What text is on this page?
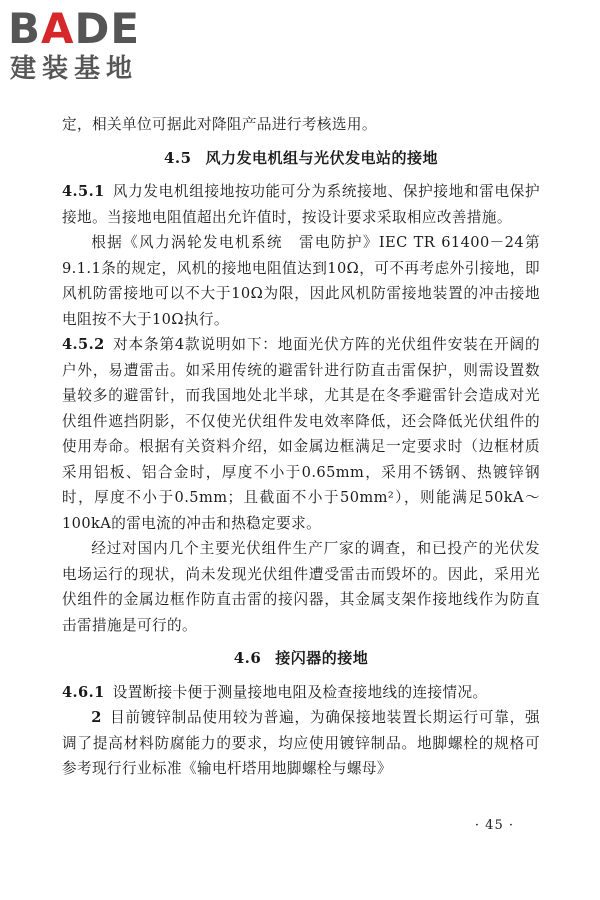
BADE
建装基地

定，相关单位可据此对降阻产品进行考核选用。

4.5 风力发电机组与光伏发电站的接地

4.5.1 风力发电机组接地按功能可分为系统接地、保护接地和雷电保护接地。当接地电阻值超出允许值时，按设计要求采取相应改善措施。

根据《风力涡轮发电机系统　雷电防护》IEC TR 61400－24第9.1.1条的规定，风机的接地电阻值达到10Ω，可不再考虑外引接地，即风机防雷接地可以不大于10Ω为限，因此风机防雷接地装置的冲击接地电阻按不大于10Ω执行。

4.5.2 对本条第4款说明如下：地面光伏方阵的光伏组件安装在开阔的户外，易遭雷击。如采用传统的避雷针进行防直击雷保护，则需设置数量较多的避雷针，而我国地处北半球，尤其是在冬季避雷针会造成对光伏组件遮挡阴影，不仅使光伏组件发电效率降低，还会降低光伏组件的使用寿命。根据有关资料介绍，如金属边框满足一定要求时（边框材质采用铝板、铝合金时，厚度不小于0.65mm，采用不锈钢、热镀锌钢时，厚度不小于0.5mm；且截面不小于50mm²），则能满足50kA～100kA的雷电流的冲击和热稳定要求。

经过对国内几个主要光伏组件生产厂家的调查，和已投产的光伏发电场运行的现状，尚未发现光伏组件遭受雷击而毁坏的。因此，采用光伏组件的金属边框作防直击雷的接闪器，其金属支架作接地线作为防直击雷措施是可行的。

4.6 接闪器的接地

4.6.1 设置断接卡便于测量接地电阻及检查接地线的连接情况。

2 目前镀锌制品使用较为普遍，为确保接地装置长期运行可靠，强调了提高材料防腐能力的要求，均应使用镀锌制品。地脚螺栓的规格可参考现行行业标准《输电杆塔用地脚螺栓与螺母》

· 45 ·
